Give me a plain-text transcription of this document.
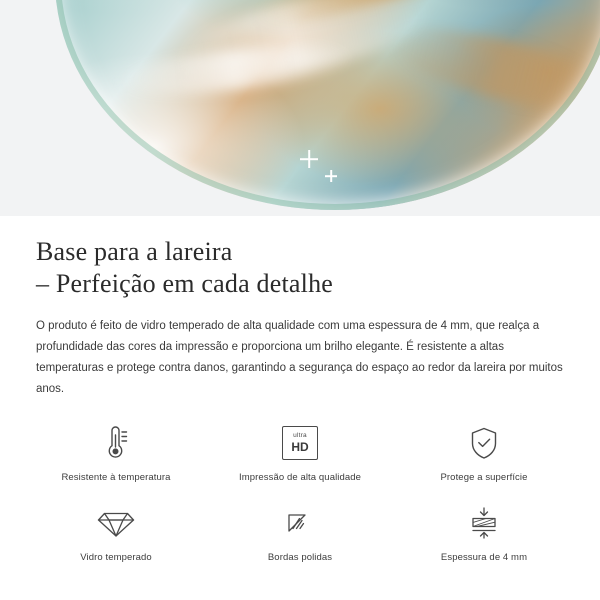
Base para a lareira
– Perfeição em cada detalhe

O produto é feito de vidro temperado de alta qualidade com uma espessura de 4 mm, que realça a profundidade das cores da impressão e proporciona um brilho elegante. É resistente a altas temperaturas e protege contra danos, garantindo a segurança do espaço ao redor da lareira por muitos anos.

Resistente à temperatura
ultra
HD
Impressão de alta qualidade	Protege a superfície
Vidro temperado	Bordas polidas	Espessura de 4 mm
